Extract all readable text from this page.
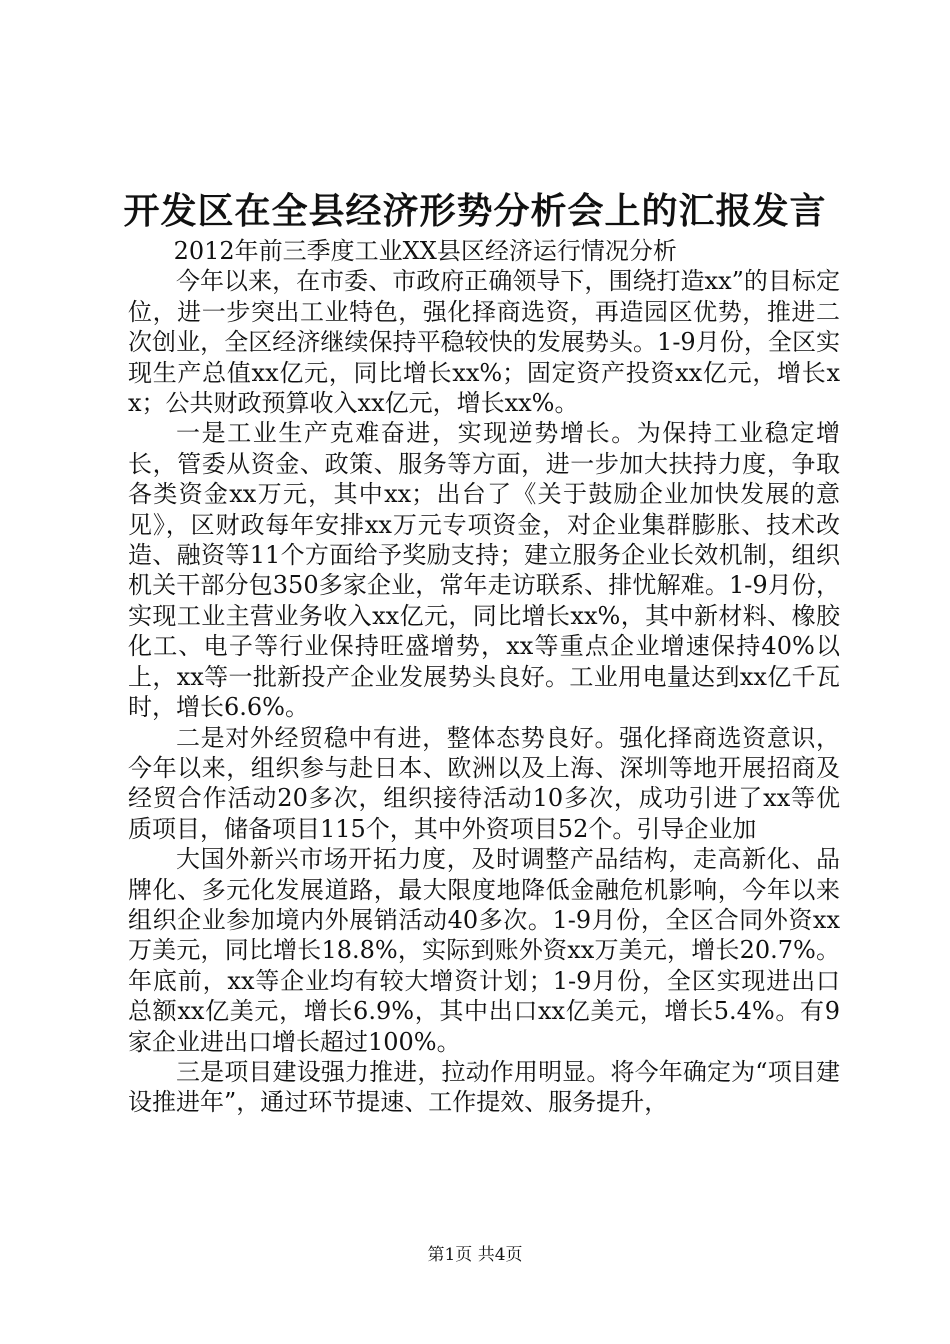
开发区在全县经济形势分析会上的汇报发言

2012年前三季度工业XX县区经济运行情况分析

今年以来，在市委、市政府正确领导下，围绕打造xx”的目标定位，进一步突出工业特色，强化择商选资，再造园区优势，推进二次创业，全区经济继续保持平稳较快的发展势头。1-9月份，全区实现生产总值xx亿元，同比增长xx%；固定资产投资xx亿元，增长xx；公共财政预算收入xx亿元，增长xx%。

一是工业生产克难奋进，实现逆势增长。为保持工业稳定增长，管委从资金、政策、服务等方面，进一步加大扶持力度，争取各类资金xx万元，其中xx；出台了《关于鼓励企业加快发展的意见》，区财政每年安排xx万元专项资金，对企业集群膨胀、技术改造、融资等11个方面给予奖励支持；建立服务企业长效机制，组织机关干部分包350多家企业，常年走访联系、排忧解难。1-9月份，实现工业主营业务收入xx亿元，同比增长xx%，其中新材料、橡胶化工、电子等行业保持旺盛增势，xx等重点企业增速保持40%以上，xx等一批新投产企业发展势头良好。工业用电量达到xx亿千瓦时，增长6.6%。

二是对外经贸稳中有进，整体态势良好。强化择商选资意识，今年以来，组织参与赴日本、欧洲以及上海、深圳等地开展招商及经贸合作活动20多次，组织接待活动10多次，成功引进了xx等优质项目，储备项目115个，其中外资项目52个。引导企业加

大国外新兴市场开拓力度，及时调整产品结构，走高新化、品牌化、多元化发展道路，最大限度地降低金融危机影响，今年以来组织企业参加境内外展销活动40多次。1-9月份，全区合同外资xx万美元，同比增长18.8%，实际到账外资xx万美元，增长20.7%。年底前，xx等企业均有较大增资计划；1-9月份，全区实现进出口总额xx亿美元，增长6.9%，其中出口xx亿美元，增长5.4%。有9家企业进出口增长超过100%。

三是项目建设强力推进，拉动作用明显。将今年确定为“项目建设推进年”，通过环节提速、工作提效、服务提升，

第1页 共4页
